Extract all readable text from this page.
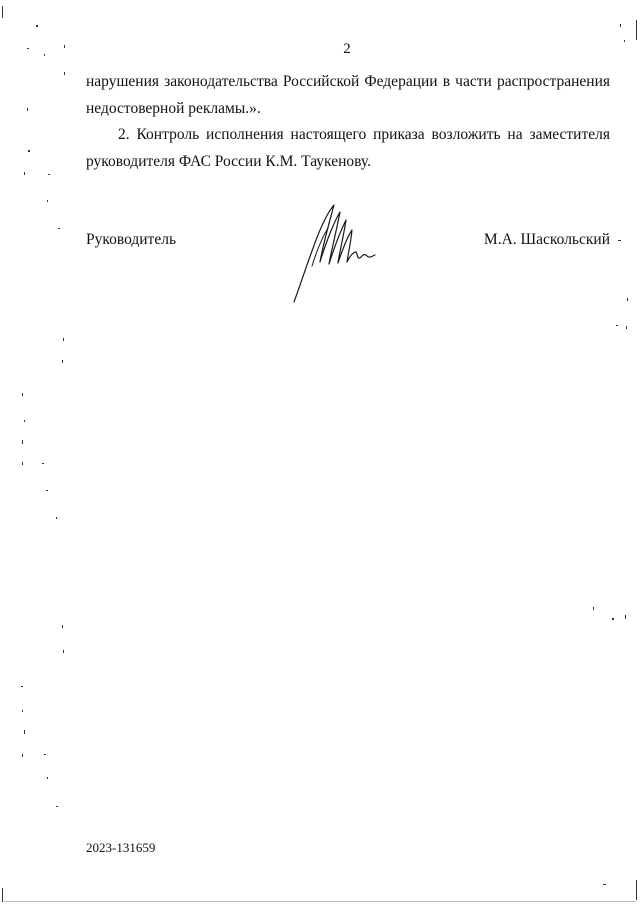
2
нарушения законодательства Российской Федерации в части распространения
недостоверной рекламы.».
2. Контроль исполнения настоящего приказа возложить на заместителя
руководителя ФАС России К.М. Таукенову.
Руководитель	М.А. Шаскольский
2023-131659
